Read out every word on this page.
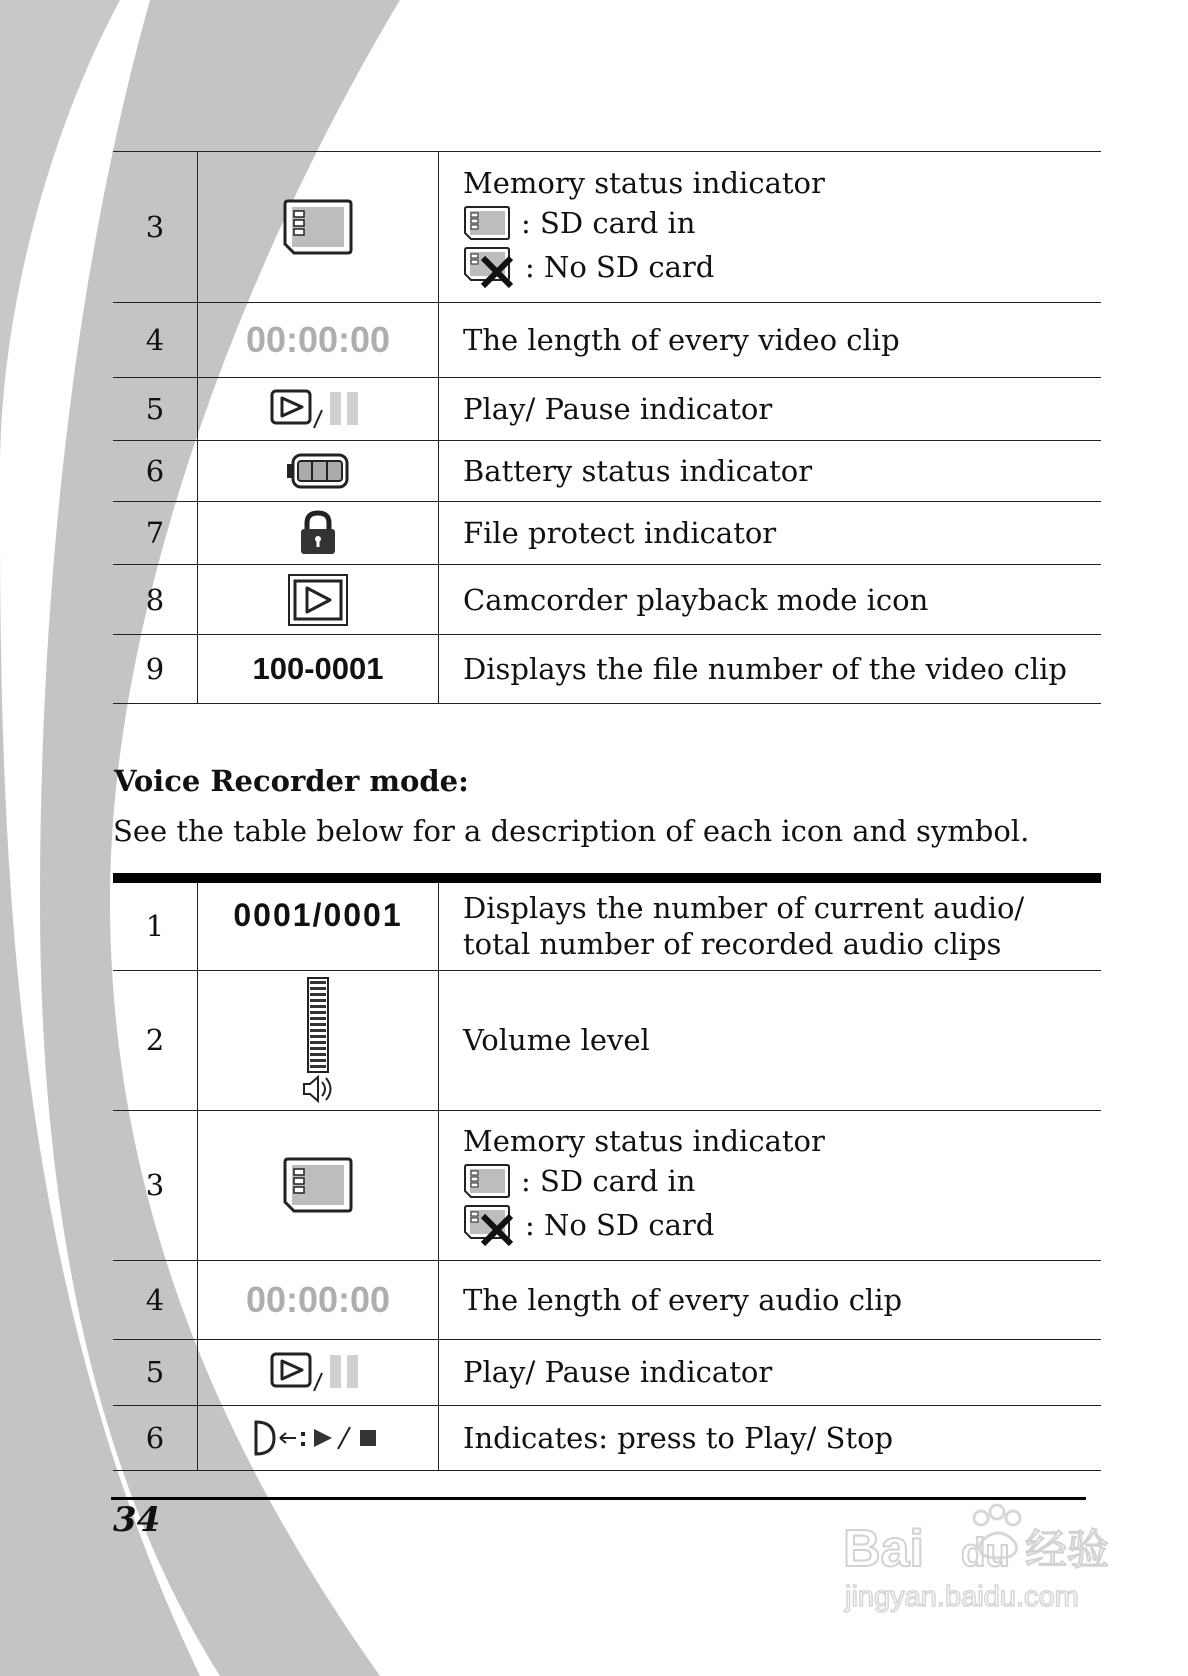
3		Memory status indicator
: SD card in
: No SD card

4	00:00:00	The length of every video clip
5		Play/ Pause indicator
6		Battery status indicator
7		File protect indicator
8		Camcorder playback mode icon
9	100-0001	Displays the file number of the video clip
Voice Recorder mode:
See the table below for a description of each icon and symbol.
1	0001/0001	Displays the number of current audio/
total number of recorded audio clips

2		Volume level
3		Memory status indicator
: SD card in
: No SD card

4	00:00:00	The length of every audio clip
5		Play/ Pause indicator
6		Indicates: press to Play/ Stop
34	Bai du 经验
jingyan.baidu.com
